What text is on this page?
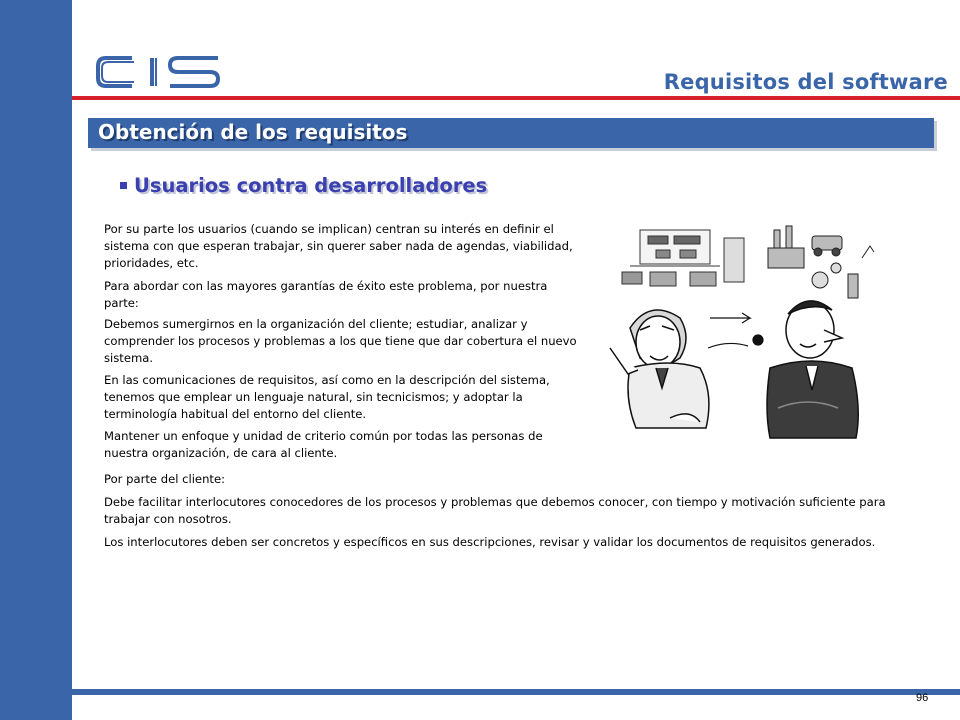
Requisitos del software
Obtención de los requisitos
Usuarios contra desarrolladores

Por su parte los usuarios (cuando se implican) centran su interés en definir el sistema con que esperan trabajar, sin querer saber nada de agendas, viabilidad, prioridades, etc.

Para abordar con las mayores garantías de éxito este problema, por nuestra parte:

Debemos sumergirnos en la organización del cliente; estudiar, analizar y comprender los procesos y problemas a los que tiene que dar cobertura el nuevo sistema.

En las comunicaciones de requisitos, así como en la descripción del sistema, tenemos que emplear un lenguaje natural, sin tecnicismos; y adoptar la terminología habitual del entorno del cliente.

Mantener un enfoque y unidad de criterio común por todas las personas de nuestra organización, de cara al cliente.

Por parte del cliente:

Debe facilitar interlocutores conocedores de los procesos y problemas que debemos conocer, con tiempo y motivación suficiente para trabajar con nosotros.

Los interlocutores deben ser concretos y específicos en sus descripciones, revisar y validar los documentos de requisitos generados.

96
